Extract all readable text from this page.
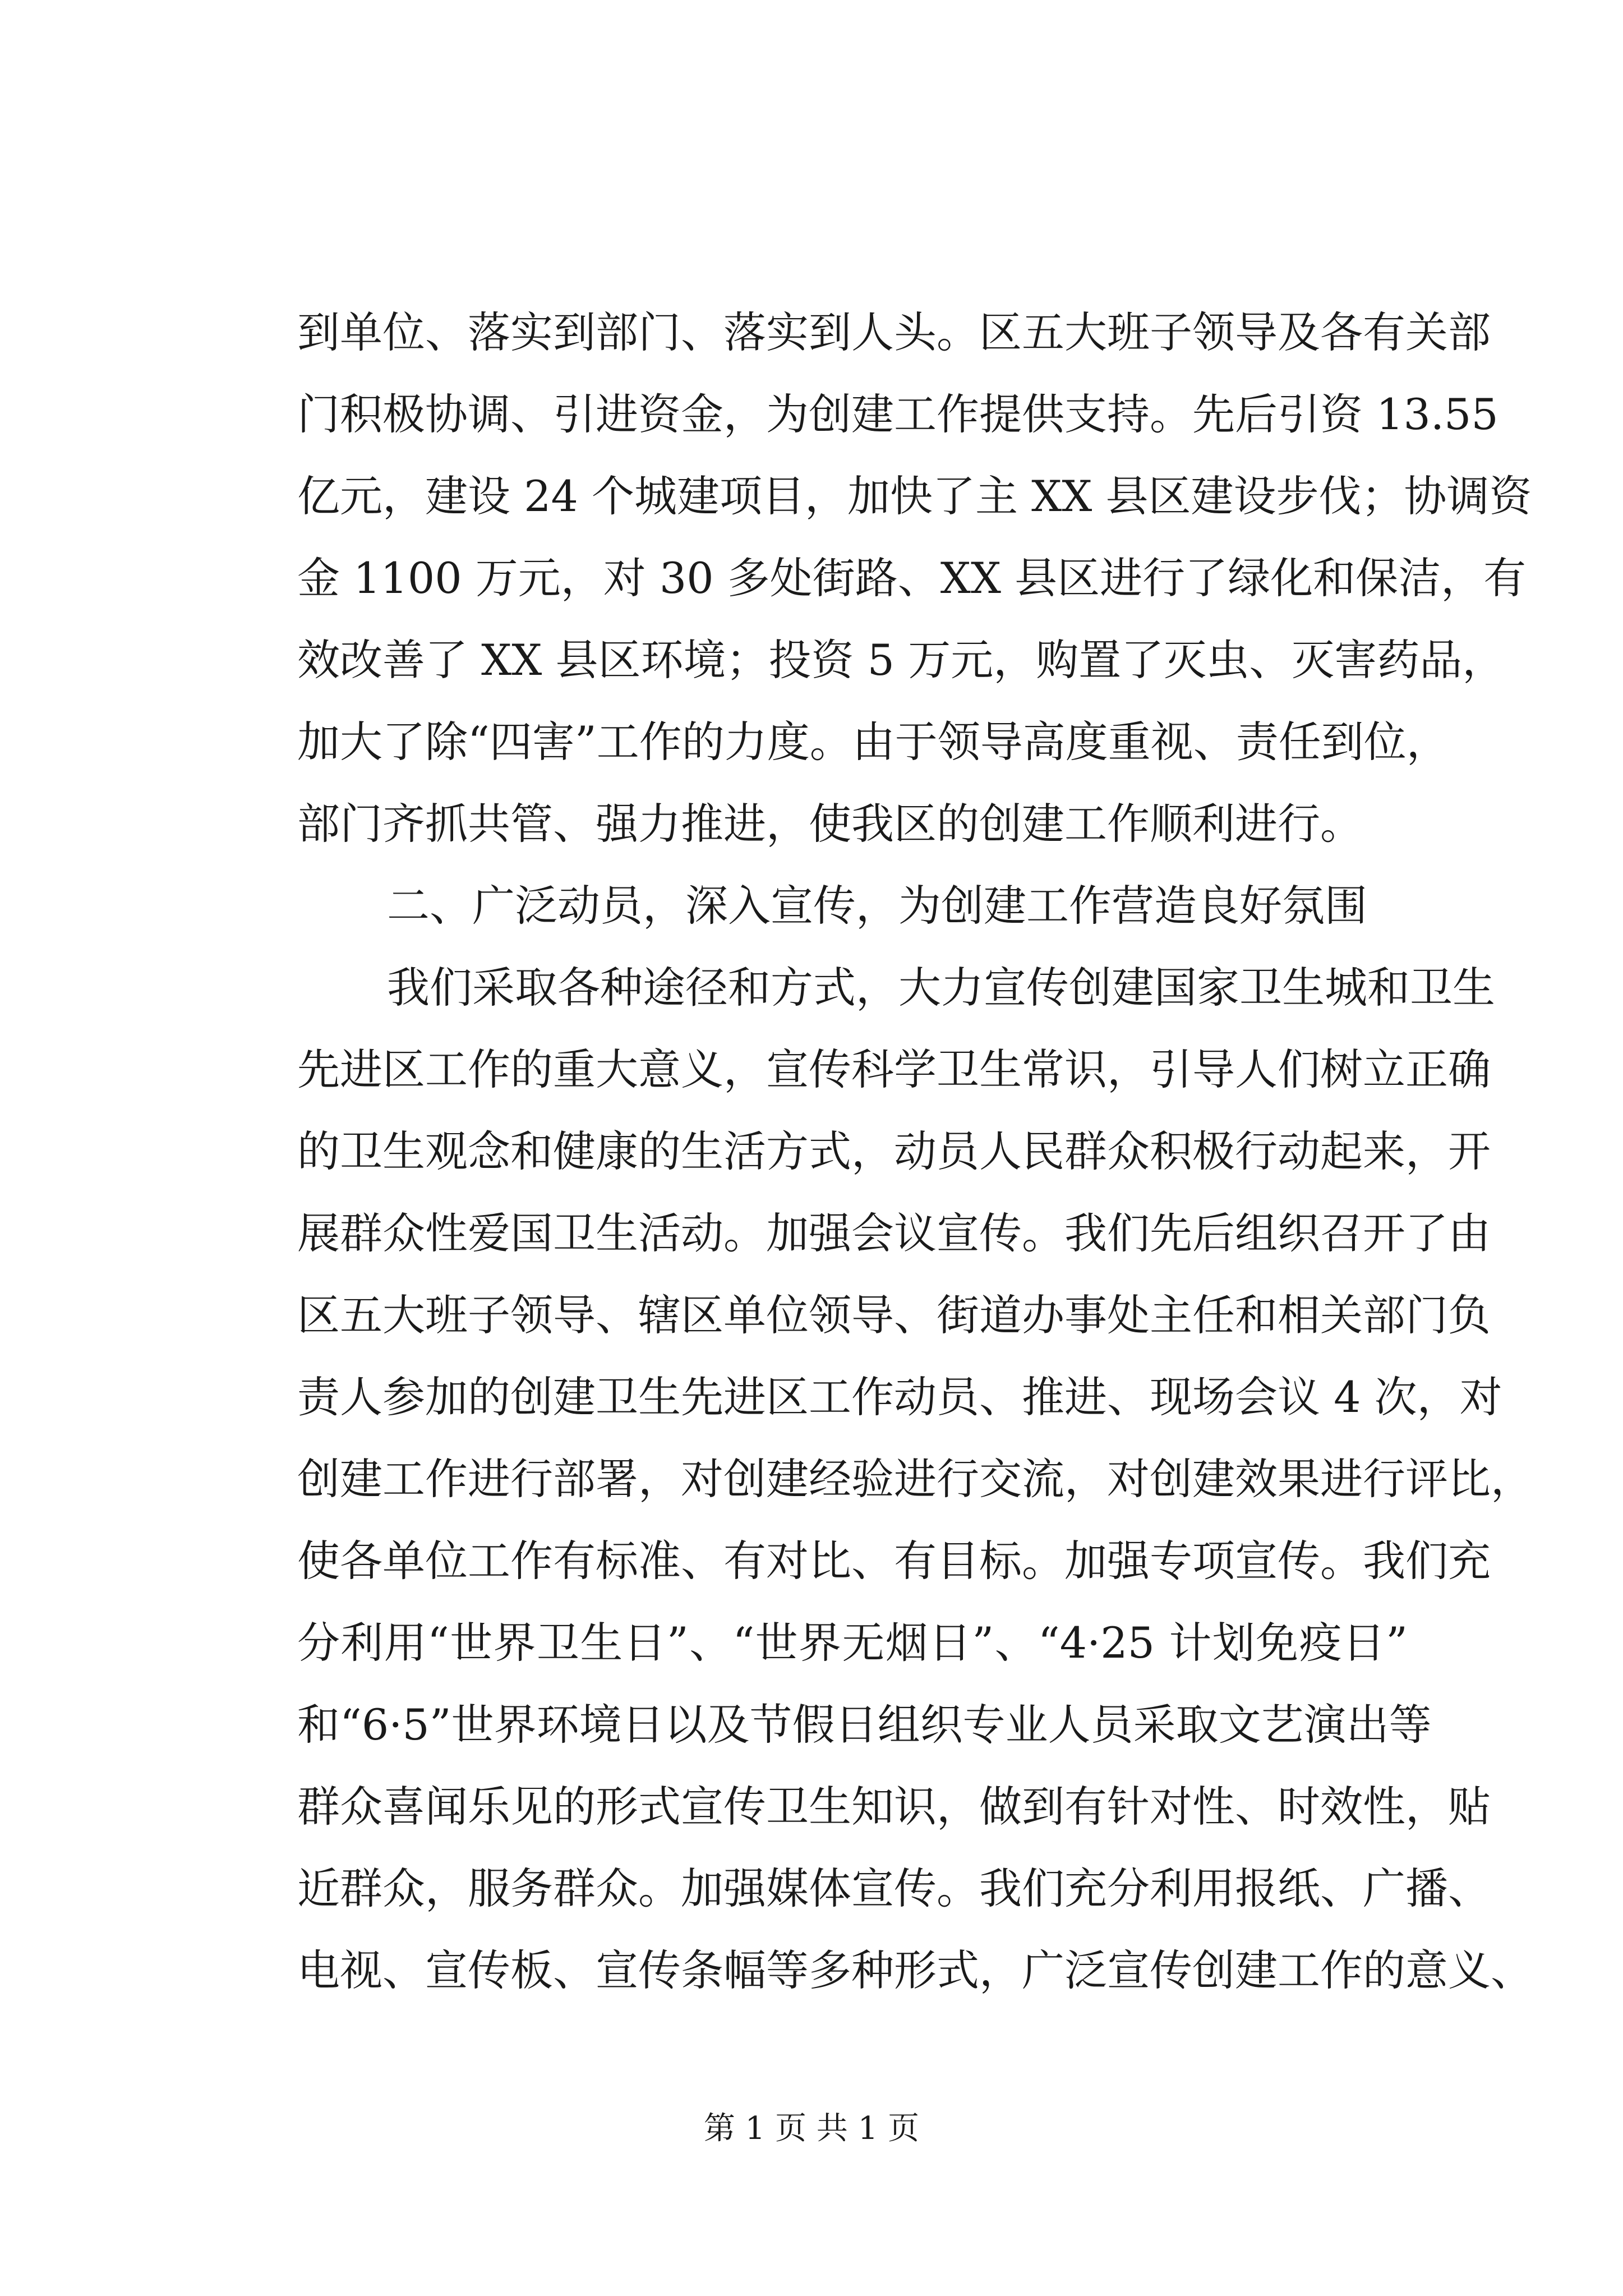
到单位、落实到部门、落实到人头。区五大班子领导及各有关部
门积极协调、引进资金，为创建工作提供支持。先后引资 13.55
亿元，建设 24 个城建项目，加快了主 XX 县区建设步伐；协调资
金 1100 万元，对 30 多处街路、XX 县区进行了绿化和保洁，有
效改善了 XX 县区环境；投资 5 万元，购置了灭虫、灭害药品，
加大了除“四害”工作的力度。由于领导高度重视、责任到位，
部门齐抓共管、强力推进，使我区的创建工作顺利进行。
二、广泛动员，深入宣传，为创建工作营造良好氛围
我们采取各种途径和方式，大力宣传创建国家卫生城和卫生
先进区工作的重大意义，宣传科学卫生常识，引导人们树立正确
的卫生观念和健康的生活方式，动员人民群众积极行动起来，开
展群众性爱国卫生活动。加强会议宣传。我们先后组织召开了由
区五大班子领导、辖区单位领导、街道办事处主任和相关部门负
责人参加的创建卫生先进区工作动员、推进、现场会议 4 次，对
创建工作进行部署，对创建经验进行交流，对创建效果进行评比，
使各单位工作有标准、有对比、有目标。加强专项宣传。我们充
分利用“世界卫生日”、“世界无烟日”、“4·25 计划免疫日”
和“6·5”世界环境日以及节假日组织专业人员采取文艺演出等
群众喜闻乐见的形式宣传卫生知识，做到有针对性、时效性，贴
近群众，服务群众。加强媒体宣传。我们充分利用报纸、广播、
电视、宣传板、宣传条幅等多种形式，广泛宣传创建工作的意义、
第 1 页 共 1 页
